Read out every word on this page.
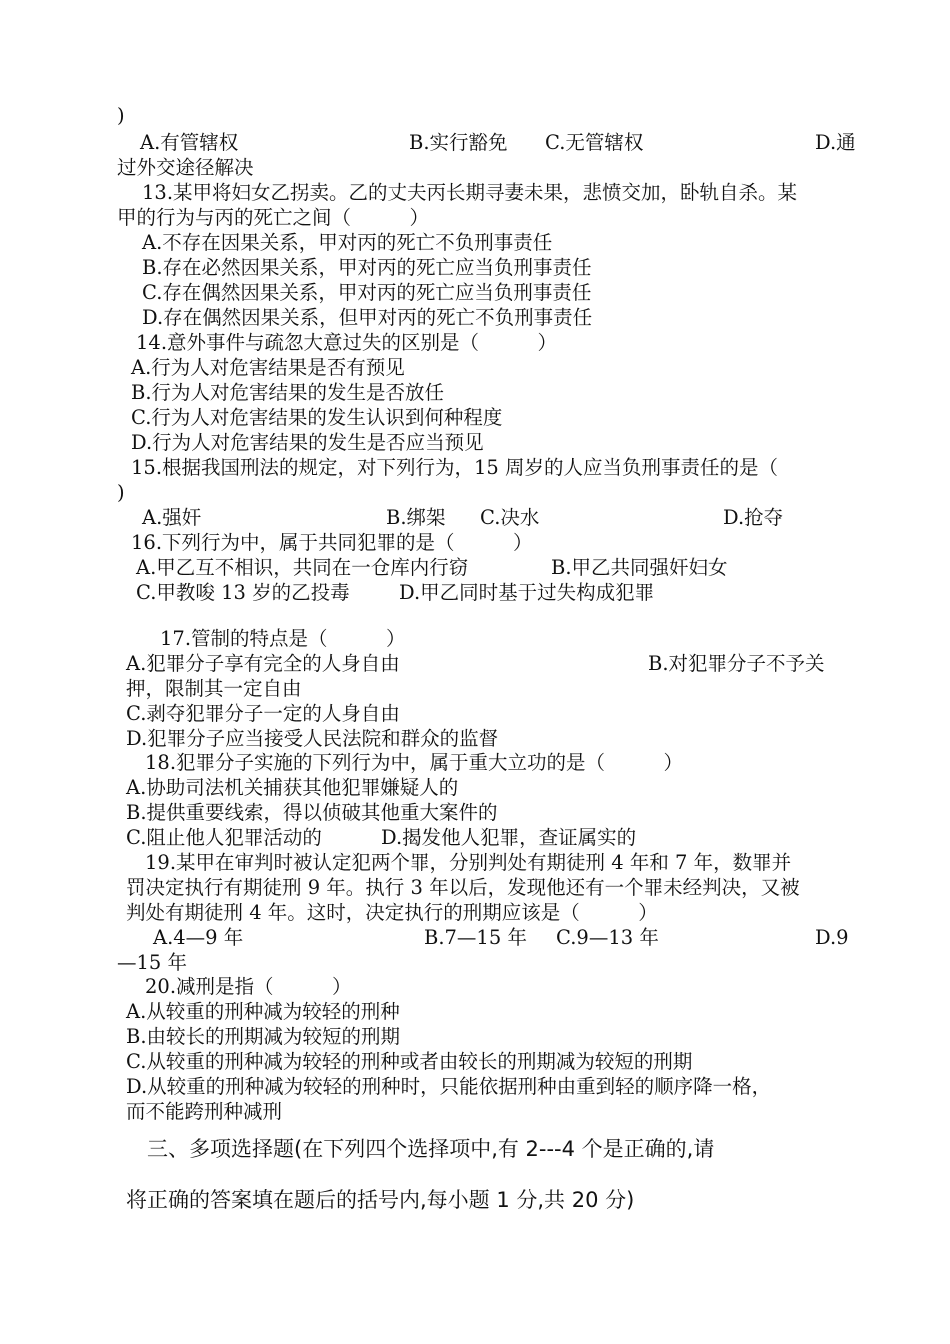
)
A.有管辖权	B.实行豁免 C.无管辖权	D.通
过外交途径解决
13.某甲将妇女乙拐卖。乙的丈夫丙长期寻妻未果，悲愤交加，卧轨自杀。某
甲的行为与丙的死亡之间（　　　）
A.不存在因果关系，甲对丙的死亡不负刑事责任
B.存在必然因果关系，甲对丙的死亡应当负刑事责任
C.存在偶然因果关系，甲对丙的死亡应当负刑事责任
D.存在偶然因果关系，但甲对丙的死亡不负刑事责任
14.意外事件与疏忽大意过失的区别是（　　　）
A.行为人对危害结果是否有预见
B.行为人对危害结果的发生是否放任
C.行为人对危害结果的发生认识到何种程度
D.行为人对危害结果的发生是否应当预见
15.根据我国刑法的规定，对下列行为，15 周岁的人应当负刑事责任的是（
)
A.强奸	B.绑架 C.决水	D.抢夺
16.下列行为中，属于共同犯罪的是（　　　）
A.甲乙互不相识，共同在一仓库内行窃	B.甲乙共同强奸妇女
C.甲教唆 13 岁的乙投毒	D.甲乙同时基于过失构成犯罪
17.管制的特点是（　　　）
A.犯罪分子享有完全的人身自由	B.对犯罪分子不予关
押，限制其一定自由
C.剥夺犯罪分子一定的人身自由
D.犯罪分子应当接受人民法院和群众的监督
18.犯罪分子实施的下列行为中，属于重大立功的是（　　　）
A.协助司法机关捕获其他犯罪嫌疑人的
B.提供重要线索，得以侦破其他重大案件的
C.阻止他人犯罪活动的	D.揭发他人犯罪，查证属实的
19.某甲在审判时被认定犯两个罪，分别判处有期徒刑 4 年和 7 年，数罪并
罚决定执行有期徒刑 9 年。执行 3 年以后，发现他还有一个罪未经判决，又被
判处有期徒刑 4 年。这时，决定执行的刑期应该是（　　　）
A.4—9 年	B.7—15 年 C.9—13 年	D.9
—15 年
20.减刑是指（　　　）
A.从较重的刑种减为较轻的刑种
B.由较长的刑期减为较短的刑期
C.从较重的刑种减为较轻的刑种或者由较长的刑期减为较短的刑期
D.从较重的刑种减为较轻的刑种时，只能依据刑种由重到轻的顺序降一格，
而不能跨刑种减刑
三、多项选择题(在下列四个选择项中,有 2---4 个是正确的,请
将正确的答案填在题后的括号内,每小题 1 分,共 20 分)
